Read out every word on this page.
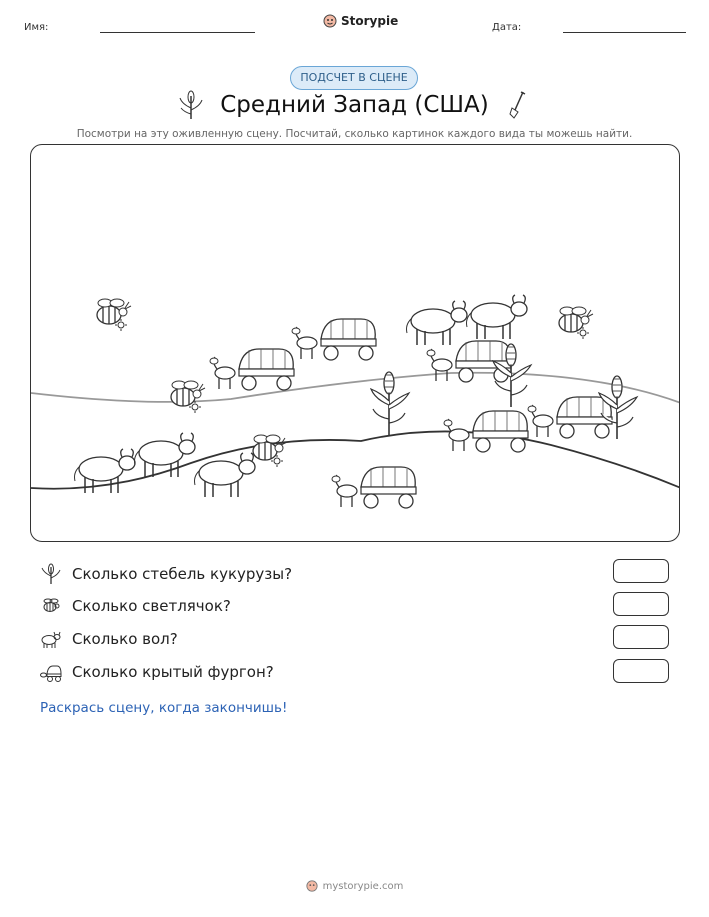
Имя:	Storypie	Дата:
ПОДСЧЕТ В СЦЕНЕ
Средний Запад (США)
Посмотри на эту оживленную сцену. Посчитай, сколько картинок каждого вида ты можешь найти.
Сколько стебель кукурузы?
Сколько светлячок?
Сколько вол?
Сколько крытый фургон?
Раскрась сцену, когда закончишь!
mystorypie.com
